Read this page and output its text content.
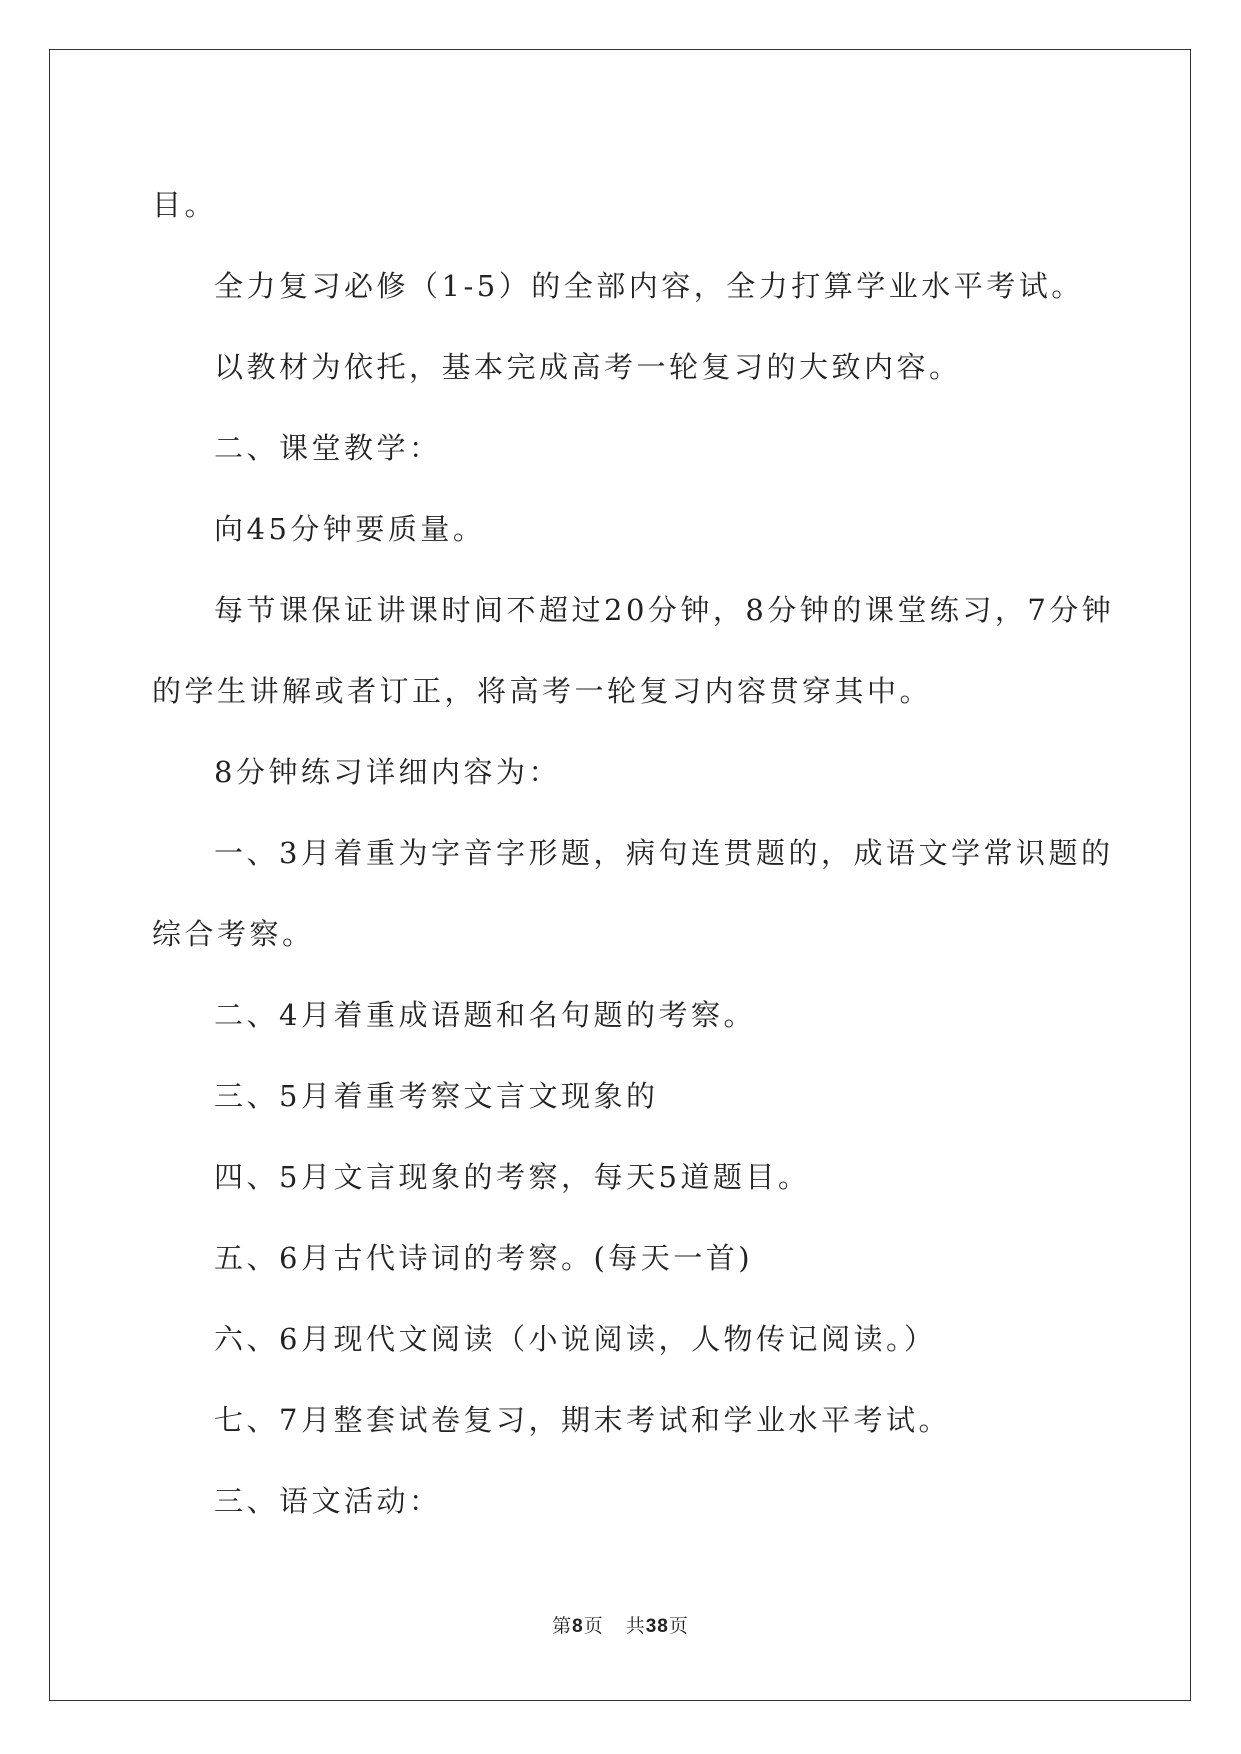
目。

全力复习必修（1-5）的全部内容，全力打算学业水平考试。

以教材为依托，基本完成高考一轮复习的大致内容。

二、课堂教学：

向45分钟要质量。

每节课保证讲课时间不超过20分钟，8分钟的课堂练习，7分钟

的学生讲解或者订正，将高考一轮复习内容贯穿其中。

8分钟练习详细内容为：

一、3月着重为字音字形题，病句连贯题的，成语文学常识题的

综合考察。

二、4月着重成语题和名句题的考察。

三、5月着重考察文言文现象的

四、5月文言现象的考察，每天5道题目。

五、6月古代诗词的考察。(每天一首)

六、6月现代文阅读（小说阅读，人物传记阅读。）

七、7月整套试卷复习，期末考试和学业水平考试。

三、语文活动：

第8页 共38页
